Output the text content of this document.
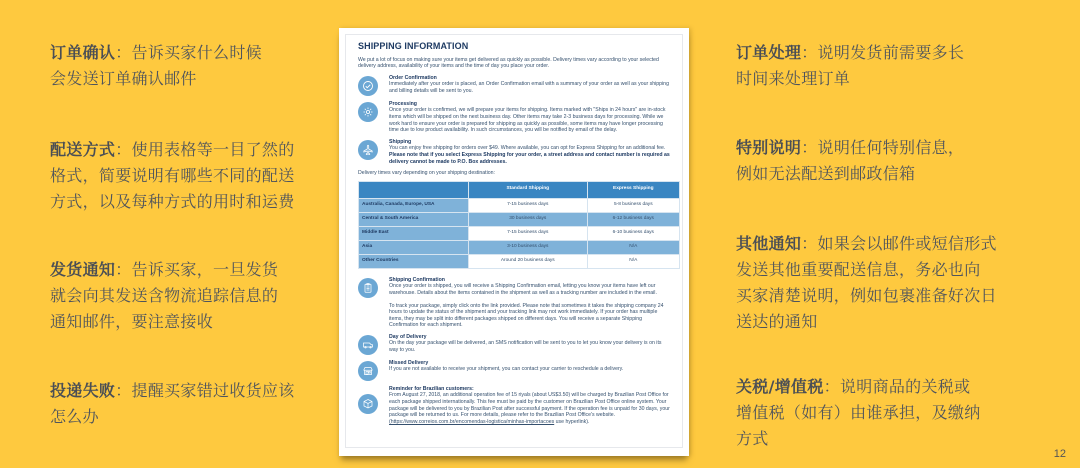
订单确认：告诉买家什么时候
会发送订单确认邮件
配送方式：使用表格等一目了然的
格式，简要说明有哪些不同的配送
方式，以及每种方式的用时和运费
发货通知：告诉买家，一旦发货
就会向其发送含物流追踪信息的
通知邮件，要注意接收
投递失败：提醒买家错过收货应该
怎么办
订单处理：说明发货前需要多长
时间来处理订单
特别说明：说明任何特别信息，
例如无法配送到邮政信箱
其他通知：如果会以邮件或短信形式
发送其他重要配送信息，务必也向
买家清楚说明，例如包裹准备好次日
送达的通知
关税/增值税：说明商品的关税或
增值税（如有）由谁承担，及缴纳
方式
12
SHIPPING INFORMATION
We put a lot of focus on making sure your items get delivered as quickly as possible. Delivery times vary according to your selected delivery address, availability of your items and the time of day you place your order.
Order Confirmation
Immediately after your order is placed, an Order Confirmation email with a summary of your order as well as your shipping and billing details will be sent to you.
Processing
Once your order is confirmed, we will prepare your items for shipping. Items marked with "Ships in 24 hours" are in-stock items which will be shipped on the next business day. Other items may take 2-3 business days for processing. While we work hard to ensure your order is prepared for shipping as quickly as possible, some items may have longer processing time due to low product availability. In such circumstances, you will be notified by email of the delay.
Shipping
You can enjoy free shipping for orders over $49. Where available, you can opt for Express Shipping for an additional fee. Please note that if you select Express Shipping for your order, a street address and contact number is required as delivery cannot be made to P.O. Box addresses.
Delivery times vary depending on your shipping destination:
	Standard Shipping	Express Shipping
Australia, Canada, Europe, USA	7-15 business days	5-8 business days
Central & South America	30 business days	6-12 business days
Middle East	7-15 business days	6-10 business days
Asia	3-10 business days	N/A
Other Countries	Around 20 business days	N/A
Shipping Confirmation
Once your order is shipped, you will receive a Shipping Confirmation email, letting you know your items have left our warehouse. Details about the items contained in the shipment as well as a tracking number are included in the email.
To track your package, simply click onto the link provided. Please note that sometimes it takes the shipping company 24 hours to update the status of the shipment and your tracking link may not work immediately. If your order has multiple items, they may be split into different packages shipped on different days. You will receive a separate Shipping Confirmation for each shipment.
Day of Delivery
On the day your package will be delivered, an SMS notification will be sent to you to let you know your delivery is on its way to you.
Missed Delivery
If you are not available to receive your shipment, you can contact your carrier to reschedule a delivery.
Reminder for Brazilian customers:
From August 27, 2018, an additional operation fee of 15 riyals (about US$3.50) will be charged by Brazilian Post Office for each package shipped internationally. This fee must be paid by the customer on Brazilian Post Office online system. Your package will be delivered to you by Brazilian Post after successful payment. If the operation fee is unpaid for 30 days, your package will be returned to us. For more details, please refer to the Brazilian Post Office's website. (https://www.correios.com.br/encomendas-logistica/minhas-importacoes use hyperlink).
